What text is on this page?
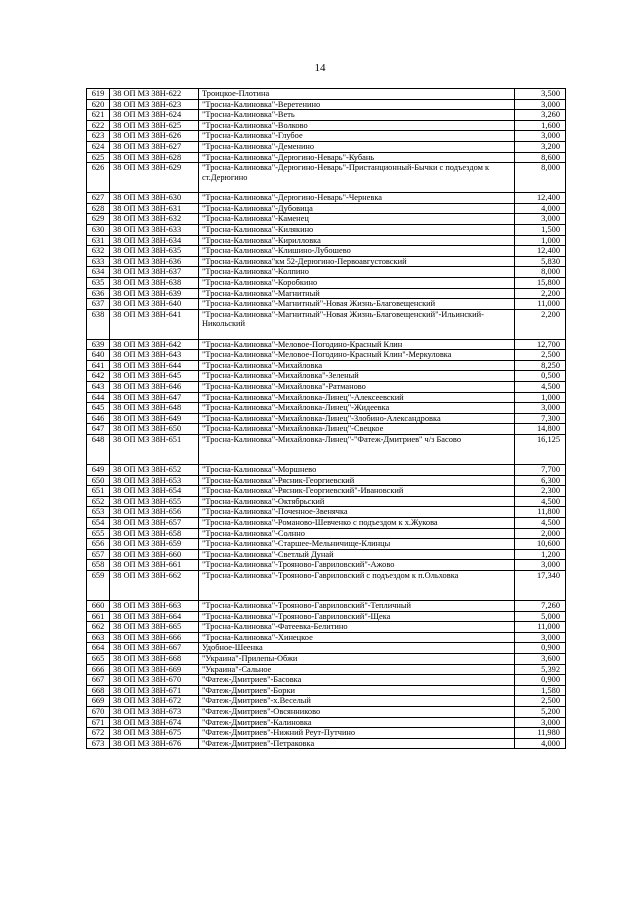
14
619	38 ОП МЗ 38Н-622	Троицкое-Плотина	3,500
620	38 ОП МЗ 38Н-623	"Тросна-Калиновка"-Веретенино	3,000
621	38 ОП МЗ 38Н-624	"Тросна-Калиновка"-Веть	3,260
622	38 ОП МЗ 38Н-625	"Тросна-Калиновка"-Волково	1,600
623	38 ОП МЗ 38Н-626	"Тросна-Калиновка"-Глубое	3,000
624	38 ОП МЗ 38Н-627	"Тросна-Калиновка"-Деменино	3,200
625	38 ОП МЗ 38Н-628	"Тросна-Калиновка"-Дерюгино-Неварь"-Кубань	8,600
626	38 ОП МЗ 38Н-629	"Тросна-Калиновка"-Дерюгино-Неварь"-Пристанционный-Бычки с подъездом к ст.Дерюгино	8,000
627	38 ОП МЗ 38Н-630	"Тросна-Калиновка"-Дерюгино-Неварь"-Черневка	12,400
628	38 ОП МЗ 38Н-631	"Тросна-Калиновка"-Дубовица	4,000
629	38 ОП МЗ 38Н-632	"Тросна-Калиновка"-Каменец	3,000
630	38 ОП МЗ 38Н-633	"Тросна-Калиновка"-Килякино	1,500
631	38 ОП МЗ 38Н-634	"Тросна-Калиновка"-Кирилловка	1,000
632	38 ОП МЗ 38Н-635	"Тросна-Калиновка"-Клишино-Лубошево	12,400
633	38 ОП МЗ 38Н-636	"Тросна-Калиновка"км 52-Дерюгино-Первоавгустовский	5,830
634	38 ОП МЗ 38Н-637	"Тросна-Калиновка"-Колпино	8,000
635	38 ОП МЗ 38Н-638	"Тросна-Калиновка"-Коробкино	15,800
636	38 ОП МЗ 38Н-639	"Тросна-Калиновка"-Магнитный	2,200
637	38 ОП МЗ 38Н-640	"Тросна-Калиновка"-Магнитный"-Новая Жизнь-Благовещенский	11,000
638	38 ОП МЗ 38Н-641	"Тросна-Калиновка"-Магнитный"-Новая Жизнь-Благовещенский"-Ильинский-Никольский	2,200
639	38 ОП МЗ 38Н-642	"Тросна-Калиновка"-Меловое-Погодино-Красный Клин	12,700
640	38 ОП МЗ 38Н-643	"Тросна-Калиновка"-Меловое-Погодино-Красный Клин"-Меркуловка	2,500
641	38 ОП МЗ 38Н-644	"Тросна-Калиновка"-Михайловка	8,250
642	38 ОП МЗ 38Н-645	"Тросна-Калиновка"-Михайловка"-Зеленый	0,500
643	38 ОП МЗ 38Н-646	"Тросна-Калиновка"-Михайловка"-Ратманово	4,500
644	38 ОП МЗ 38Н-647	"Тросна-Калиновка"-Михайловка-Линец"-Алексеевский	1,000
645	38 ОП МЗ 38Н-648	"Тросна-Калиновка"-Михайловка-Линец"-Жидеевка	3,000
646	38 ОП МЗ 38Н-649	"Тросна-Калиновка"-Михайловка-Линец"-Злобино-Александровка	7,300
647	38 ОП МЗ 38Н-650	"Тросна-Калиновка"-Михайловка-Линец"-Свецкое	14,800
648	38 ОП МЗ 38Н-651	"Тросна-Калиновка"-Михайловка-Линец"-"Фатеж-Дмитриев" ч/з Басово	16,125
649	38 ОП МЗ 38Н-652	"Тросна-Калиновка"-Моршнево	7,700
650	38 ОП МЗ 38Н-653	"Тросна-Калиновка"-Рясник-Георгиевский	6,300
651	38 ОП МЗ 38Н-654	"Тросна-Калиновка"-Рясник-Георгиевский"-Ивановский	2,300
652	38 ОП МЗ 38Н-655	"Тросна-Калиновка"-Октябрьский	4,500
653	38 ОП МЗ 38Н-656	"Тросна-Калиновка"-Поченное-Звенячка	11,800
654	38 ОП МЗ 38Н-657	"Тросна-Калиновка"-Романово-Шевченко с подъездом к х.Жукова	4,500
655	38 ОП МЗ 38Н-658	"Тросна-Калиновка"-Солнно	2,000
656	38 ОП МЗ 38Н-659	"Тросна-Калиновка"-Старшее-Мельничище-Клинцы	10,600
657	38 ОП МЗ 38Н-660	"Тросна-Калиновка"-Светлый Дунай	1,200
658	38 ОП МЗ 38Н-661	"Тросна-Калиновка"-Трояново-Гавриловский"-Ажово	3,000
659	38 ОП МЗ 38Н-662	"Тросна-Калиновка"-Трояново-Гавриловский с подъездом к п.Ольховка	17,340
660	38 ОП МЗ 38Н-663	"Тросна-Калиновка"-Трояново-Гавриловский"-Тепличный	7,260
661	38 ОП МЗ 38Н-664	"Тросна-Калиновка"-Трояново-Гавриловский"-Щека	5,000
662	38 ОП МЗ 38Н-665	"Тросна-Калиновка"-Фатеевка-Белитино	11,000
663	38 ОП МЗ 38Н-666	"Тросна-Калиновка"-Хинецкое	3,000
664	38 ОП МЗ 38Н-667	Удобное-Шеенка	0,900
665	38 ОП МЗ 38Н-668	"Украина"-Прилепы-Обжи	3,600
666	38 ОП МЗ 38Н-669	"Украина"-Сальное	5,392
667	38 ОП МЗ 38Н-670	"Фатеж-Дмитриев"-Басовка	0,900
668	38 ОП МЗ 38Н-671	"Фатеж-Дмитриев"-Борки	1,580
669	38 ОП МЗ 38Н-672	"Фатеж-Дмитриев"-х.Веселый	2,500
670	38 ОП МЗ 38Н-673	"Фатеж-Дмитриев"-Овсянниково	5,200
671	38 ОП МЗ 38Н-674	"Фатеж-Дмитриев"-Калиновка	3,000
672	38 ОП МЗ 38Н-675	"Фатеж-Дмитриев"-Нижний Реут-Путчино	11,980
673	38 ОП МЗ 38Н-676	"Фатеж-Дмитриев"-Петраковка	4,000
